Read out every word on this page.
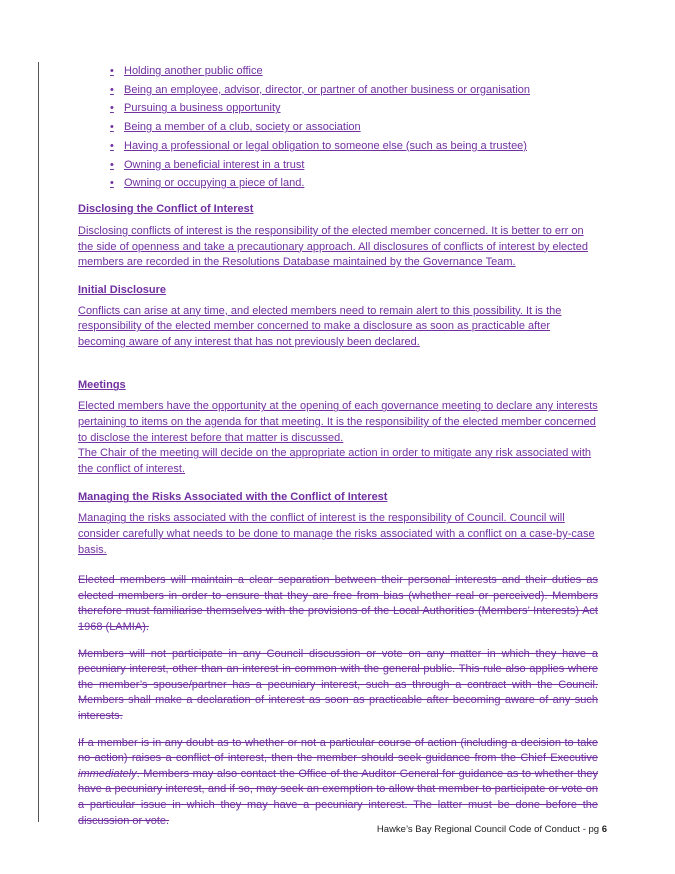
• Holding another public office
• Being an employee, advisor, director, or partner of another business or organisation
• Pursuing a business opportunity
• Being a member of a club, society or association
• Having a professional or legal obligation to someone else (such as being a trustee)
• Owning a beneficial interest in a trust
• Owning or occupying a piece of land.
Disclosing the Conflict of Interest

Disclosing conflicts of interest is the responsibility of the elected member concerned. It is better to err on the side of openness and take a precautionary approach. All disclosures of conflicts of interest by elected members are recorded in the Resolutions Database maintained by the Governance Team.

Initial Disclosure

Conflicts can arise at any time, and elected members need to remain alert to this possibility. It is the responsibility of the elected member concerned to make a disclosure as soon as practicable after becoming aware of any interest that has not previously been declared.

Meetings

Elected members have the opportunity at the opening of each governance meeting to declare any interests pertaining to items on the agenda for that meeting. It is the responsibility of the elected member concerned to disclose the interest before that matter is discussed.
The Chair of the meeting will decide on the appropriate action in order to mitigate any risk associated with the conflict of interest.

Managing the Risks Associated with the Conflict of Interest

Managing the risks associated with the conflict of interest is the responsibility of Council. Council will consider carefully what needs to be done to manage the risks associated with a conflict on a case-by-case basis.

Elected members will maintain a clear separation between their personal interests and their duties as elected members in order to ensure that they are free from bias (whether real or perceived). Members therefore must familiarise themselves with the provisions of the Local Authorities (Members’ Interests) Act 1968 (LAMIA).

Members will not participate in any Council discussion or vote on any matter in which they have a pecuniary interest, other than an interest in common with the general public. This rule also applies where the member’s spouse/partner has a pecuniary interest, such as through a contract with the Council. Members shall make a declaration of interest as soon as practicable after becoming aware of any such interests.

If a member is in any doubt as to whether or not a particular course of action (including a decision to take no action) raises a conflict of interest, then the member should seek guidance from the Chief Executive immediately. Members may also contact the Office of the Auditor General for guidance as to whether they have a pecuniary interest, and if so, may seek an exemption to allow that member to participate or vote on a particular issue in which they may have a pecuniary interest. The latter must be done before the discussion or vote.

Hawke’s Bay Regional Council Code of Conduct - pg 6
